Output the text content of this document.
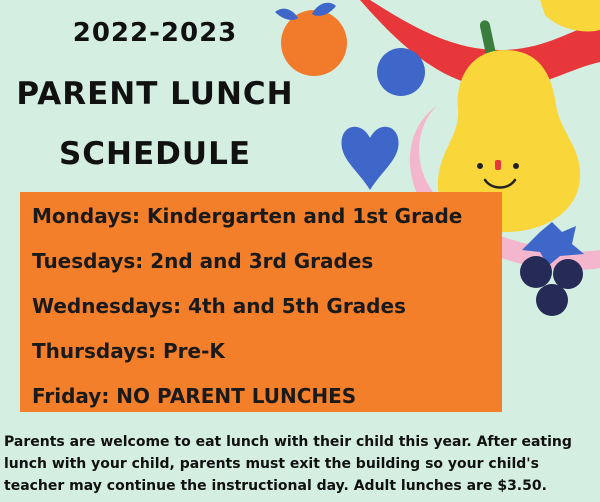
2022-2023
PARENT LUNCH
SCHEDULE
Mondays: Kindergarten and 1st Grade
Tuesdays: 2nd and 3rd Grades
Wednesdays: 4th and 5th Grades
Thursdays: Pre-K
Friday: NO PARENT LUNCHES
Parents are welcome to eat lunch with their child this year. After eating
lunch with your child, parents must exit the building so your child's
teacher may continue the instructional day. Adult lunches are $3.50.
